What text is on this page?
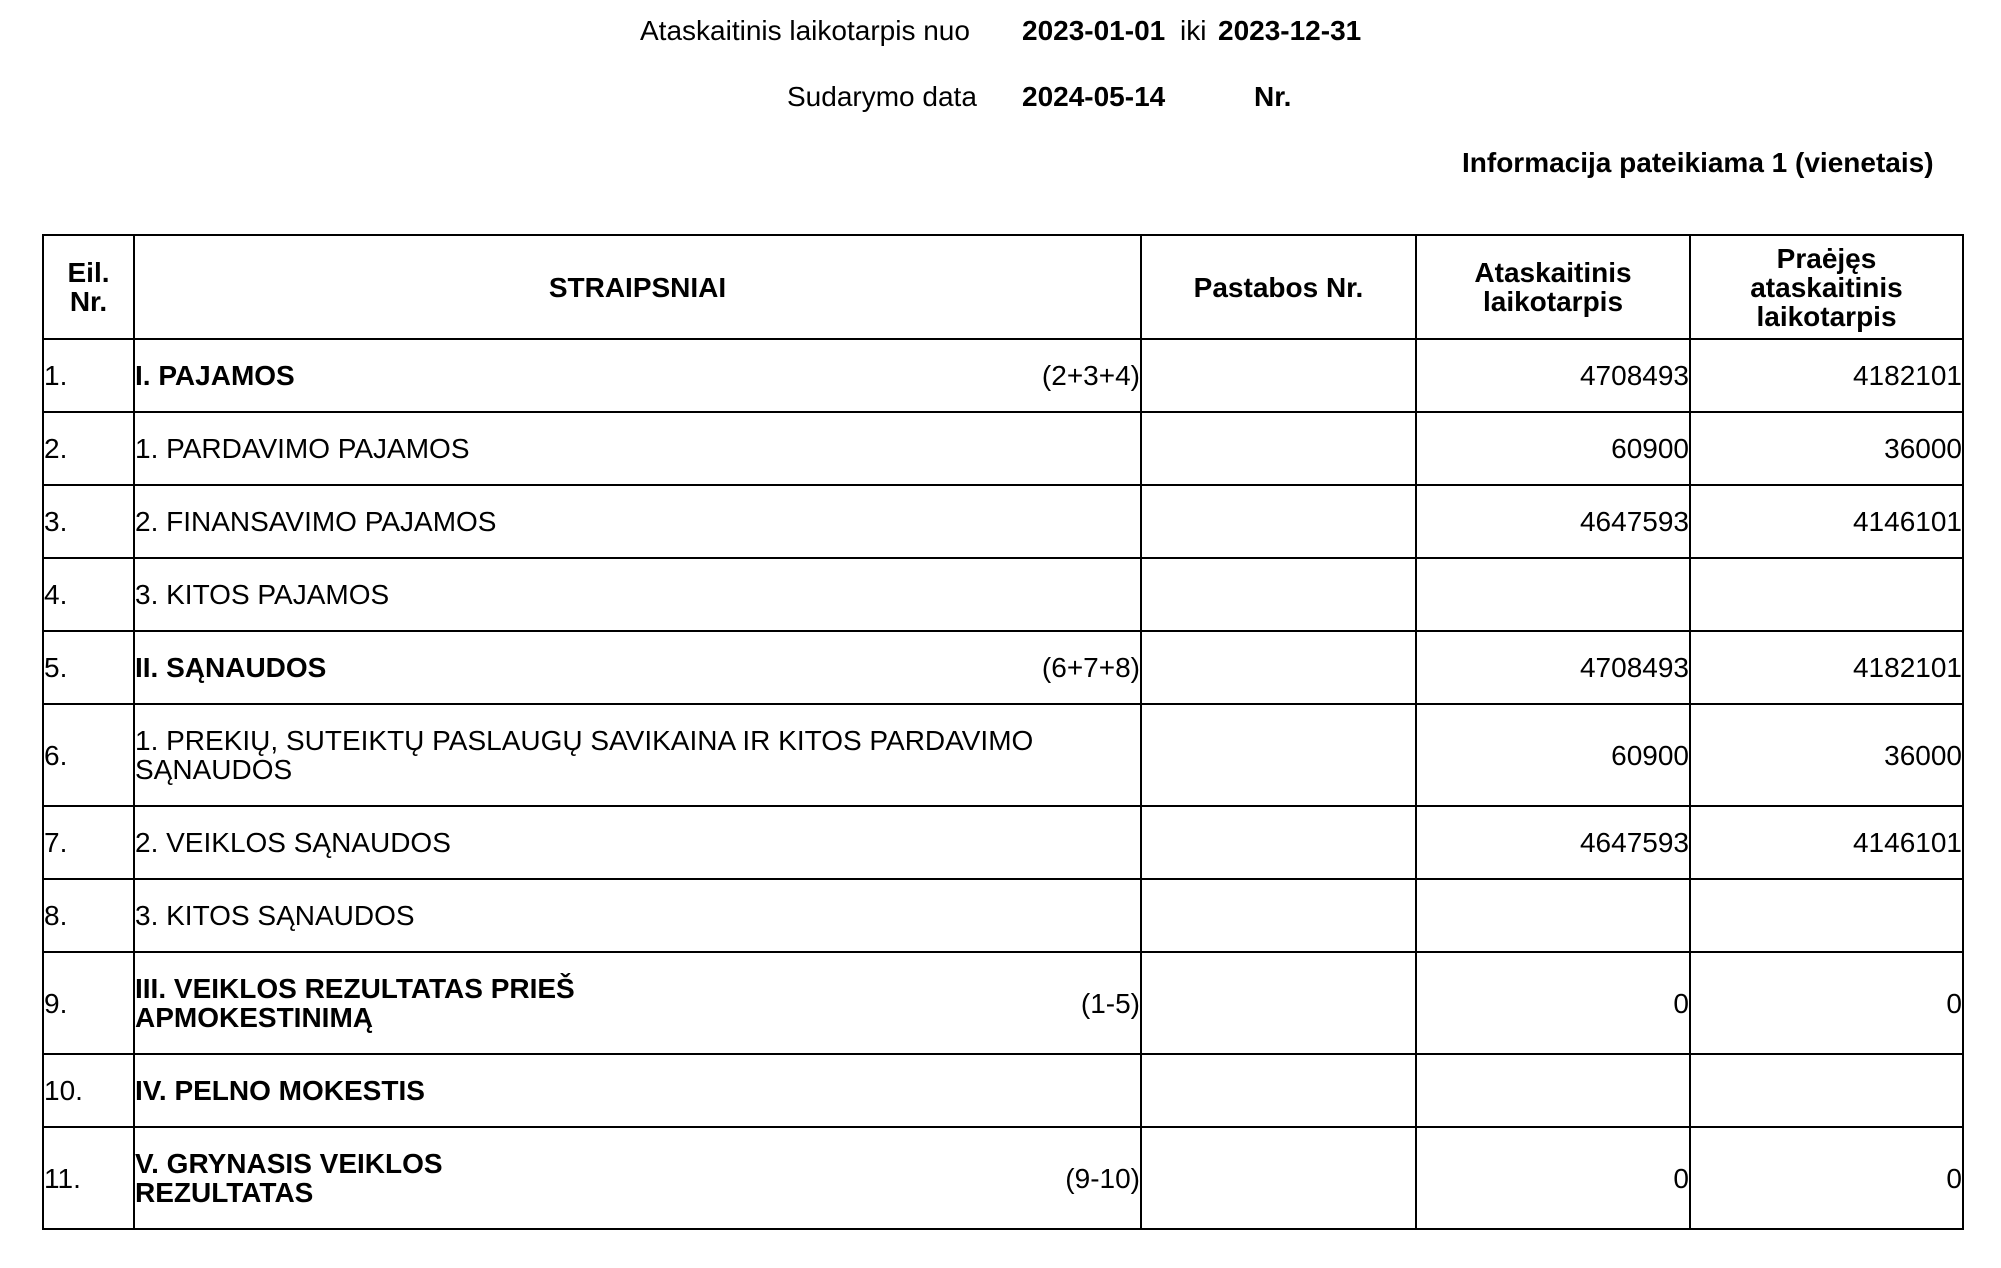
Ataskaitinis laikotarpis nuo 2023-01-01 iki 2023-12-31
Sudarymo data 2024-05-14	Nr.
Informacija pateikiama 1 (vienetais)
Eil. Nr.	STRAIPSNIAI	Pastabos Nr.	Ataskaitinis laikotarpis	Praėjęs ataskaitinis laikotarpis
1.	I. PAJAMOS (2+3+4)		4708493	4182101
2.	1. PARDAVIMO PAJAMOS		60900	36000
3.	2. FINANSAVIMO PAJAMOS		4647593	4146101
4.	3. KITOS PAJAMOS			

5.	II. SĄNAUDOS (6+7+8)		4708493	4182101
6.	1. PREKIŲ, SUTEIKTŲ PASLAUGŲ SAVIKAINA IR KITOS PARDAVIMO SĄNAUDOS		60900	36000
7.	2. VEIKLOS SĄNAUDOS		4647593	4146101
8.	3. KITOS SĄNAUDOS			

9.	III. VEIKLOS REZULTATAS PRIEŠ APMOKESTINIMĄ (1-5)		0	0
10.	IV. PELNO MOKESTIS			

11.	V. GRYNASIS VEIKLOS REZULTATAS (9-10)		0	0
